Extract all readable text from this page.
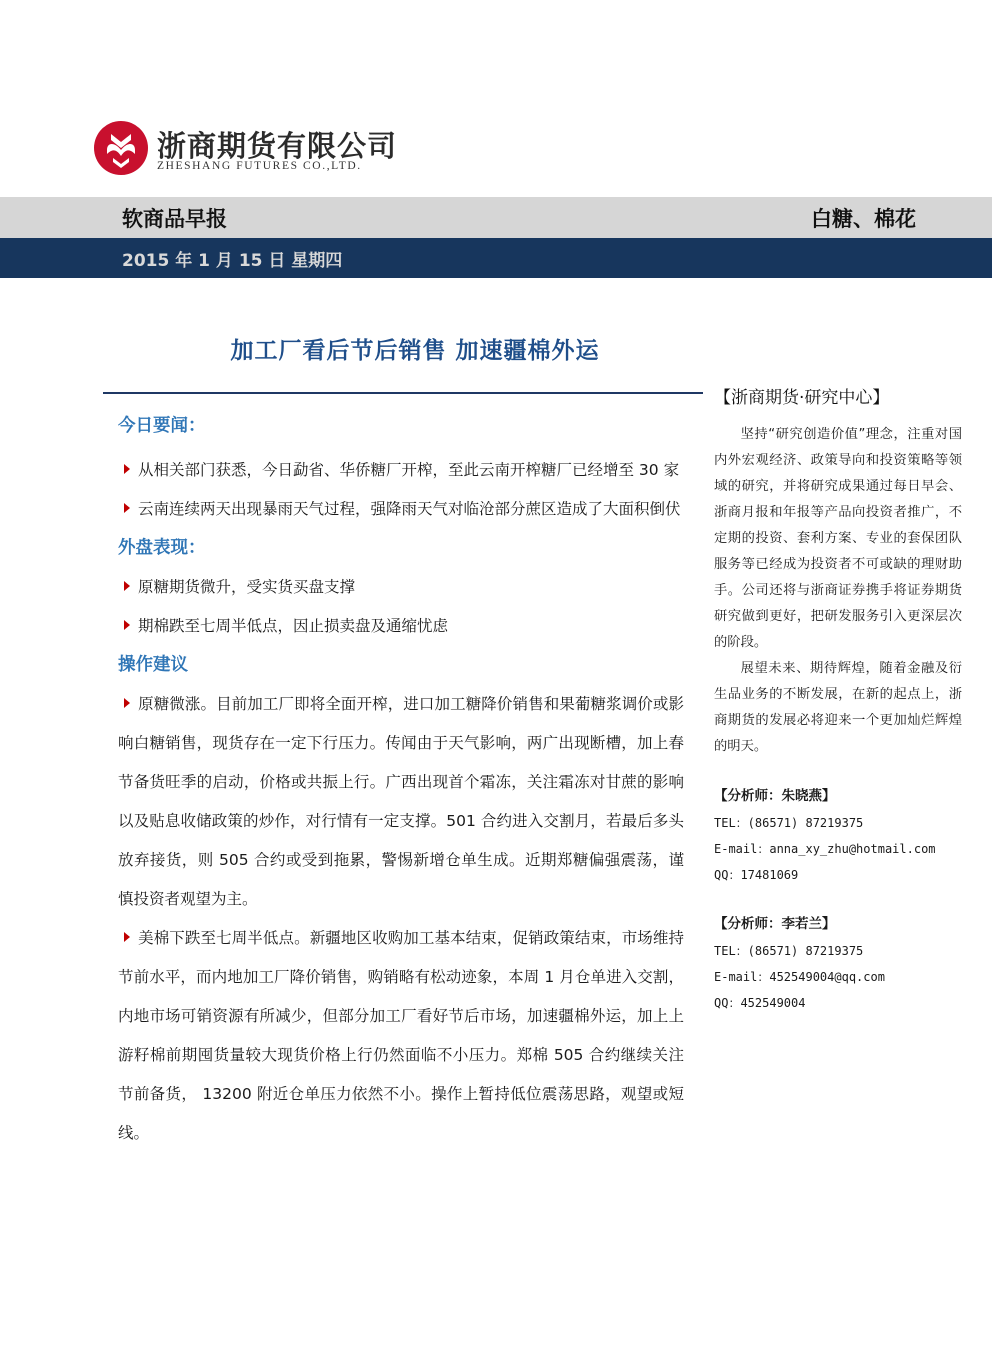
浙商期货有限公司
ZHESHANG FUTURES CO.,LTD.
软商品早报	白糖、棉花
2015 年 1 月 15 日 星期四
加工厂看后节后销售 加速疆棉外运
今日要闻：
从相关部门获悉，今日勐省、华侨糖厂开榨，至此云南开榨糖厂已经增至 30 家
云南连续两天出现暴雨天气过程，强降雨天气对临沧部分蔗区造成了大面积倒伏
外盘表现：
原糖期货微升，受实货买盘支撑
期棉跌至七周半低点，因止损卖盘及通缩忧虑
操作建议
原糖微涨。目前加工厂即将全面开榨，进口加工糖降价销售和果葡糖浆调价或影响白糖销售，现货存在一定下行压力。传闻由于天气影响，两广出现断槽，加上春节备货旺季的启动，价格或共振上行。广西出现首个霜冻，关注霜冻对甘蔗的影响以及贴息收储政策的炒作，对行情有一定支撑。501 合约进入交割月，若最后多头放弃接货，则 505 合约或受到拖累，警惕新增仓单生成。近期郑糖偏强震荡，谨慎投资者观望为主。
美棉下跌至七周半低点。新疆地区收购加工基本结束，促销政策结束，市场维持节前水平，而内地加工厂降价销售，购销略有松动迹象，本周 1 月仓单进入交割，内地市场可销资源有所减少，但部分加工厂看好节后市场，加速疆棉外运，加上上游籽棉前期囤货量较大现货价格上行仍然面临不小压力。郑棉 505 合约继续关注节前备货， 13200 附近仓单压力依然不小。操作上暂持低位震荡思路，观望或短线。
【浙商期货·研究中心】
坚持“研究创造价值”理念，注重对国内外宏观经济、政策导向和投资策略等领域的研究，并将研究成果通过每日早会、浙商月报和年报等产品向投资者推广，不定期的投资、套利方案、专业的套保团队服务等已经成为投资者不可或缺的理财助手。公司还将与浙商证券携手将证券期货研究做到更好，把研发服务引入更深层次的阶段。
展望未来、期待辉煌，随着金融及衍生品业务的不断发展，在新的起点上，浙商期货的发展必将迎来一个更加灿烂辉煌的明天。
【分析师：朱晓燕】
TEL：(86571) 87219375
E-mail：anna_xy_zhu@hotmail.com
QQ：17481069
【分析师：李若兰】
TEL：(86571) 87219375
E-mail：452549004@qq.com
QQ：452549004
